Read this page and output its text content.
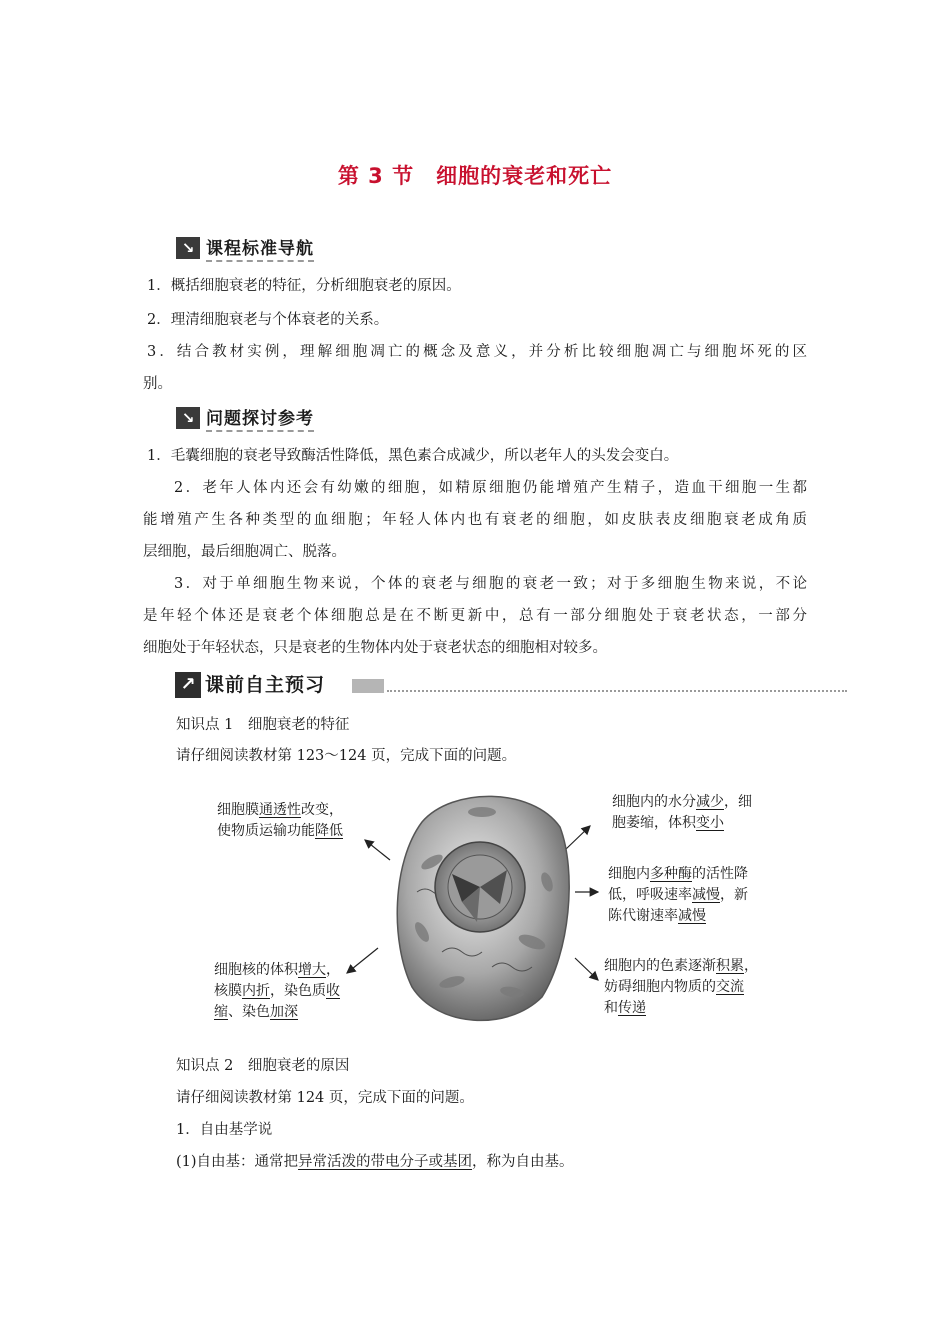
第 3 节 细胞的衰老和死亡
↘ 课程标准导航
1．概括细胞衰老的特征，分析细胞衰老的原因。
2．理清细胞衰老与个体衰老的关系。
3．结合教材实例，理解细胞凋亡的概念及意义，并分析比较细胞凋亡与细胞坏死的区
别。
↘ 问题探讨参考
1．毛囊细胞的衰老导致酶活性降低，黑色素合成减少，所以老年人的头发会变白。
2．老年人体内还会有幼嫩的细胞，如精原细胞仍能增殖产生精子，造血干细胞一生都
能增殖产生各种类型的血细胞；年轻人体内也有衰老的细胞，如皮肤表皮细胞衰老成角质
层细胞，最后细胞凋亡、脱落。
3．对于单细胞生物来说，个体的衰老与细胞的衰老一致；对于多细胞生物来说，不论
是年轻个体还是衰老个体细胞总是在不断更新中，总有一部分细胞处于衰老状态，一部分
细胞处于年轻状态，只是衰老的生物体内处于衰老状态的细胞相对较多。
↗ 课前自主预习
知识点 1　细胞衰老的特征
请仔细阅读教材第 123～124 页，完成下面的问题。
细胞膜通透性改变，
使物质运输功能降低
细胞核的体积增大，
核膜内折，染色质收
缩、染色加深
细胞内的水分减少，细
胞萎缩，体积变小
细胞内多种酶的活性降
低，呼吸速率减慢，新
陈代谢速率减慢
细胞内的色素逐渐积累，
妨碍细胞内物质的交流
和传递
知识点 2　细胞衰老的原因
请仔细阅读教材第 124 页，完成下面的问题。
1．自由基学说
(1)自由基：通常把异常活泼的带电分子或基团，称为自由基。
